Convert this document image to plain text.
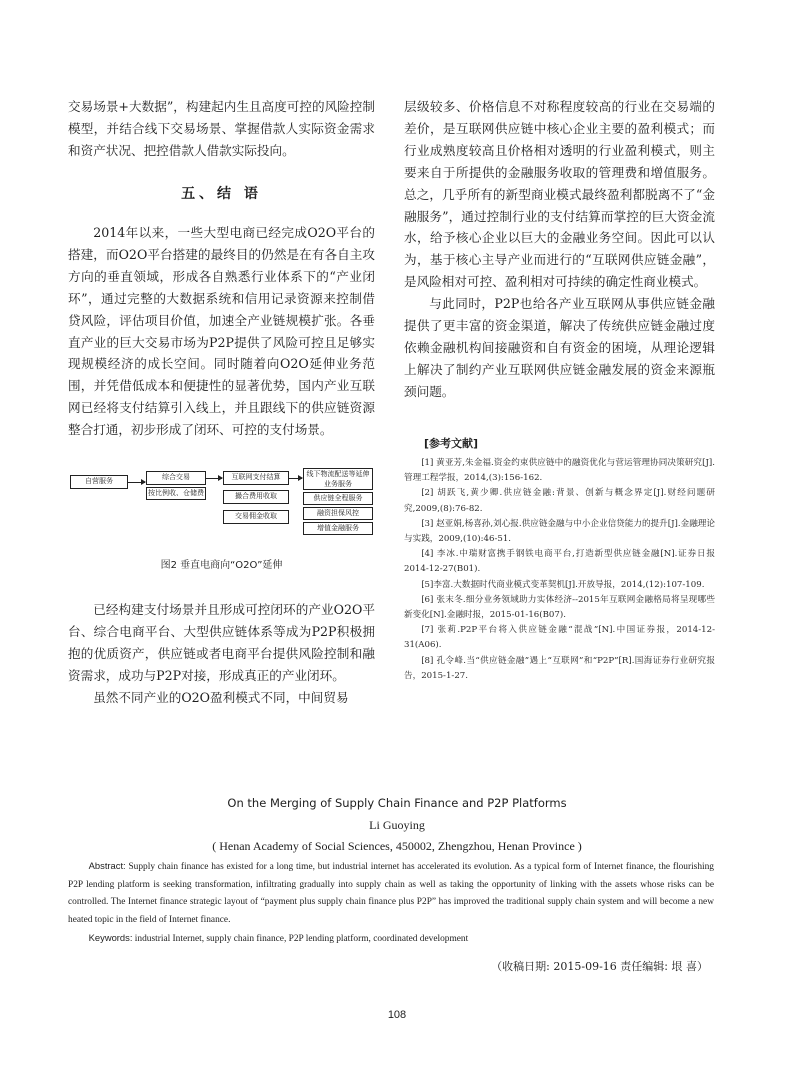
交易场景+大数据”，构建起内生且高度可控的风险控制模型，并结合线下交易场景、掌握借款人实际资金需求和资产状况、把控借款人借款实际投向。

五、结 语

2014年以来，一些大型电商已经完成O2O平台的搭建，而O2O平台搭建的最终目的仍然是在有各自主攻方向的垂直领域，形成各自熟悉行业体系下的“产业闭环”，通过完整的大数据系统和信用记录资源来控制借贷风险，评估项目价值，加速全产业链规模扩张。各垂直产业的巨大交易市场为P2P提供了风险可控且足够实现规模经济的成长空间。同时随着向O2O延伸业务范围，并凭借低成本和便捷性的显著优势，国内产业互联网已经将支付结算引入线上，并且跟线下的供应链资源整合打通，初步形成了闭环、可控的支付场景。

自营服务	综合交易
按比例收、仓储费
互联网支付结算
撮合费用收取
交易佣金收取
线下物流配送等延伸业务服务
供应链全程服务
融资担保风控
增值金融服务
图2 垂直电商向“O2O”延伸

已经构建支付场景并且形成可控闭环的产业O2O平台、综合电商平台、大型供应链体系等成为P2P积极拥抱的优质资产，供应链或者电商平台提供风险控制和融资需求，成功与P2P对接，形成真正的产业闭环。

虽然不同产业的O2O盈利模式不同，中间贸易

层级较多、价格信息不对称程度较高的行业在交易端的差价，是互联网供应链中核心企业主要的盈利模式；而行业成熟度较高且价格相对透明的行业盈利模式，则主要来自于所提供的金融服务收取的管理费和增值服务。总之，几乎所有的新型商业模式最终盈利都脱离不了“金融服务”，通过控制行业的支付结算而掌控的巨大资金流水，给予核心企业以巨大的金融业务空间。因此可以认为，基于核心主导产业而进行的“互联网供应链金融”，是风险相对可控、盈利相对可持续的确定性商业模式。

与此同时，P2P也给各产业互联网从事供应链金融提供了更丰富的资金渠道，解决了传统供应链金融过度依赖金融机构间接融资和自有资金的困境，从理论逻辑上解决了制约产业互联网供应链金融发展的资金来源瓶颈问题。

[参考文献]

[1] 黄亚芳,朱金福.资金约束供应链中的融资优化与营运管理协同决策研究[J].管理工程学报，2014,(3):156-162.

[2] 胡跃飞,黄少卿.供应链金融:背景、创新与概念界定[J].财经问题研究,2009,(8):76-82.

[3] 赵亚娟,杨喜孙,刘心报.供应链金融与中小企业信贷能力的提升[J].金融理论与实践，2009,(10):46-51.

[4] 李冰.中瑞财富携手钢铁电商平台,打造新型供应链金融[N].证券日报2014-12-27(B01).

[5]李富.大数据时代商业模式变革契机[J].开放导报，2014,(12):107-109.

[6] 张末冬.细分业务领域助力实体经济--2015年互联网金融格局将呈现哪些新变化[N].金融时报，2015-01-16(B07).

[7] 张莉.P2P平台将入供应链金融“混战”[N].中国证券报，2014-12-31(A06).

[8] 孔令峰.当“供应链金融”遇上“互联网”和“P2P”[R].国海证券行业研究报告，2015-1-27.

On the Merging of Supply Chain Finance and P2P Platforms
Li Guoying
( Henan Academy of Social Sciences, 450002, Zhengzhou, Henan Province )

Abstract: Supply chain finance has existed for a long time, but industrial internet has accelerated its evolution. As a typical form of Internet finance, the flourishing P2P lending platform is seeking transformation, infiltrating gradually into supply chain as well as taking the opportunity of linking with the assets whose risks can be controlled. The Internet finance strategic layout of “payment plus supply chain finance plus P2P” has improved the traditional supply chain system and will become a new heated topic in the field of Internet finance.

Keywords: industrial Internet, supply chain finance, P2P lending platform, coordinated development

（收稿日期: 2015-09-16 责任编辑: 垠 喜）
108
